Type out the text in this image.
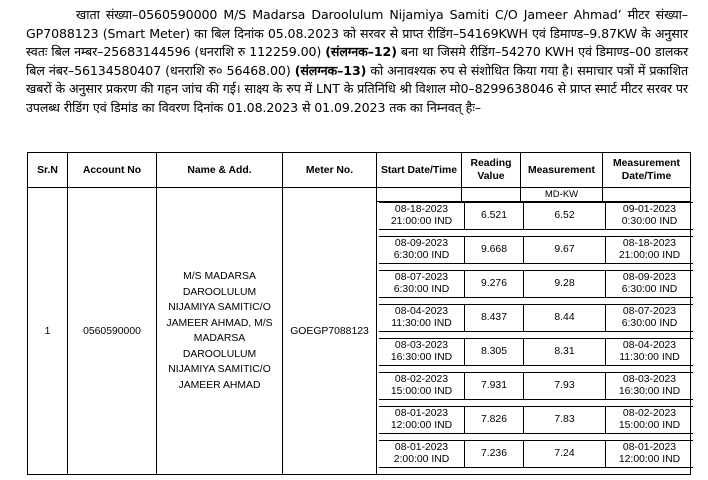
खाता संख्या–0560590000 M/S Madarsa Daroolulum Nijamiya Samiti C/O Jameer Ahmad’ मीटर संख्या– GP7088123 (Smart Meter) का बिल दिनांक 05.08.2023 को सरवर से प्राप्त रीडिंग–54169KWH एवं डिमाण्ड–9.87KW के अनुसार स्वतः बिल नम्बर–25683144596 (धनराशि रु 112259.00) (संलग्नक–12) बना था जिसमे रीडिंग–54270 KWH एवं डिमाण्ड–00 डालकर बिल नंबर–56134580407 (धनराशि रु० 56468.00) (संलग्नक–13) को अनावश्यक रुप से संशोधित किया गया है। समाचार पत्रों में प्रकाशित खबरों के अनुसार प्रकरण की गहन जांच की गई। साक्ष्य के रुप में LNT के प्रतिनिधि श्री विशाल मो0–8299638046 से प्राप्त स्मार्ट मीटर सरवर पर उपलब्ध रीडिंग एवं डिमांड का विवरण दिनांक 01.08.2023 से 01.09.2023 तक का निम्नवत् हैः–
Sr.N	Account No	Name & Add.	Meter No.	Start Date/Time	Reading Value	Measurement	Measurement Date/Time
1	0560590000	M/S MADARSA DAROOLULUM NIJAMIYA SAMITIC/O JAMEER AHMAD, M/S MADARSA DAROOLULUM NIJAMIYA SAMITIC/O JAMEER AHMAD	GOEGP7088123			MD-KW	

08-18-2023
21:00:00 IND	6.521	6.52	09-01-2023
0:30:00 IND
08-09-2023
6:30:00 IND	9.668	9.67	08-18-2023
21:00:00 IND
08-07-2023
6:30:00 IND	9.276	9.28	08-09-2023
6:30:00 IND
08-04-2023
11:30:00 IND	8.437	8.44	08-07-2023
6:30:00 IND
08-03-2023
16:30:00 IND	8.305	8.31	08-04-2023
11:30:00 IND
08-02-2023
15:00:00 IND	7.931	7.93	08-03-2023
16:30:00 IND
08-01-2023
12:00:00 IND	7.826	7.83	08-02-2023
15:00:00 IND
08-01-2023
2:00:00 IND	7.236	7.24	08-01-2023
12:00:00 IND
